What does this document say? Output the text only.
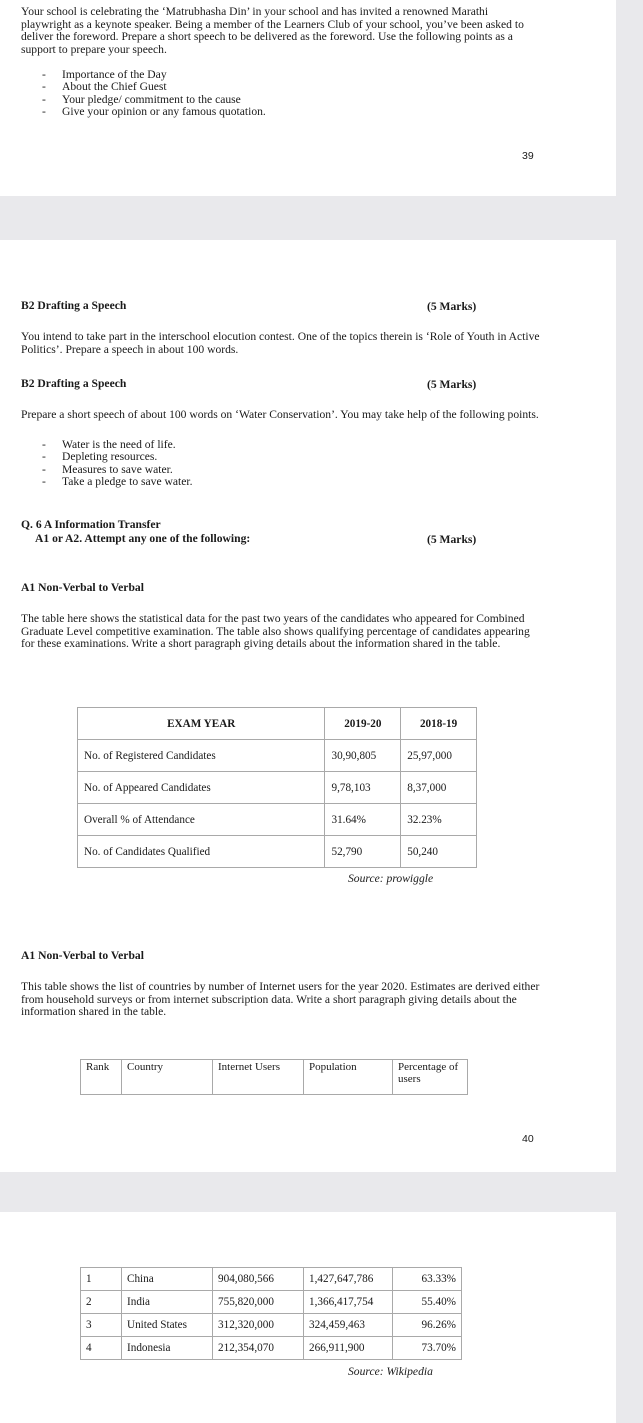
Your school is celebrating the ‘Matrubhasha Din’ in your school and has invited a renowned Marathi playwright as a keynote speaker. Being a member of the Learners Club of your school, you’ve been asked to deliver the foreword. Prepare a short speech to be delivered as the foreword. Use the following points as a support to prepare your speech.
- Importance of the Day
- About the Chief Guest
- Your pledge/ commitment to the cause
- Give your opinion or any famous quotation.
39
B2 Drafting a Speech	(5 Marks)
You intend to take part in the interschool elocution contest. One of the topics therein is ‘Role of Youth in Active Politics’. Prepare a speech in about 100 words.
B2 Drafting a Speech	(5 Marks)
Prepare a short speech of about 100 words on ‘Water Conservation’. You may take help of the following points.
- Water is the need of life.
- Depleting resources.
- Measures to save water.
- Take a pledge to save water.
Q. 6 A Information Transfer
A1 or A2. Attempt any one of the following:	(5 Marks)
A1 Non-Verbal to Verbal
The table here shows the statistical data for the past two years of the candidates who appeared for Combined Graduate Level competitive examination. The table also shows qualifying percentage of candidates appearing for these examinations. Write a short paragraph giving details about the information shared in the table.
EXAM YEAR	2019-20	2018-19
No. of Registered Candidates	30,90,805	25,97,000
No. of Appeared Candidates	9,78,103	8,37,000
Overall % of Attendance	31.64%	32.23%
No. of Candidates Qualified	52,790	50,240
Source: prowiggle
A1 Non-Verbal to Verbal
This table shows the list of countries by number of Internet users for the year 2020. Estimates are derived either from household surveys or from internet subscription data. Write a short paragraph giving details about the information shared in the table.
Rank	Country	Internet Users	Population	Percentage of users
40
1	China	904,080,566	1,427,647,786	63.33%
2	India	755,820,000	1,366,417,754	55.40%
3	United States	312,320,000	324,459,463	96.26%
4	Indonesia	212,354,070	266,911,900	73.70%
Source: Wikipedia
